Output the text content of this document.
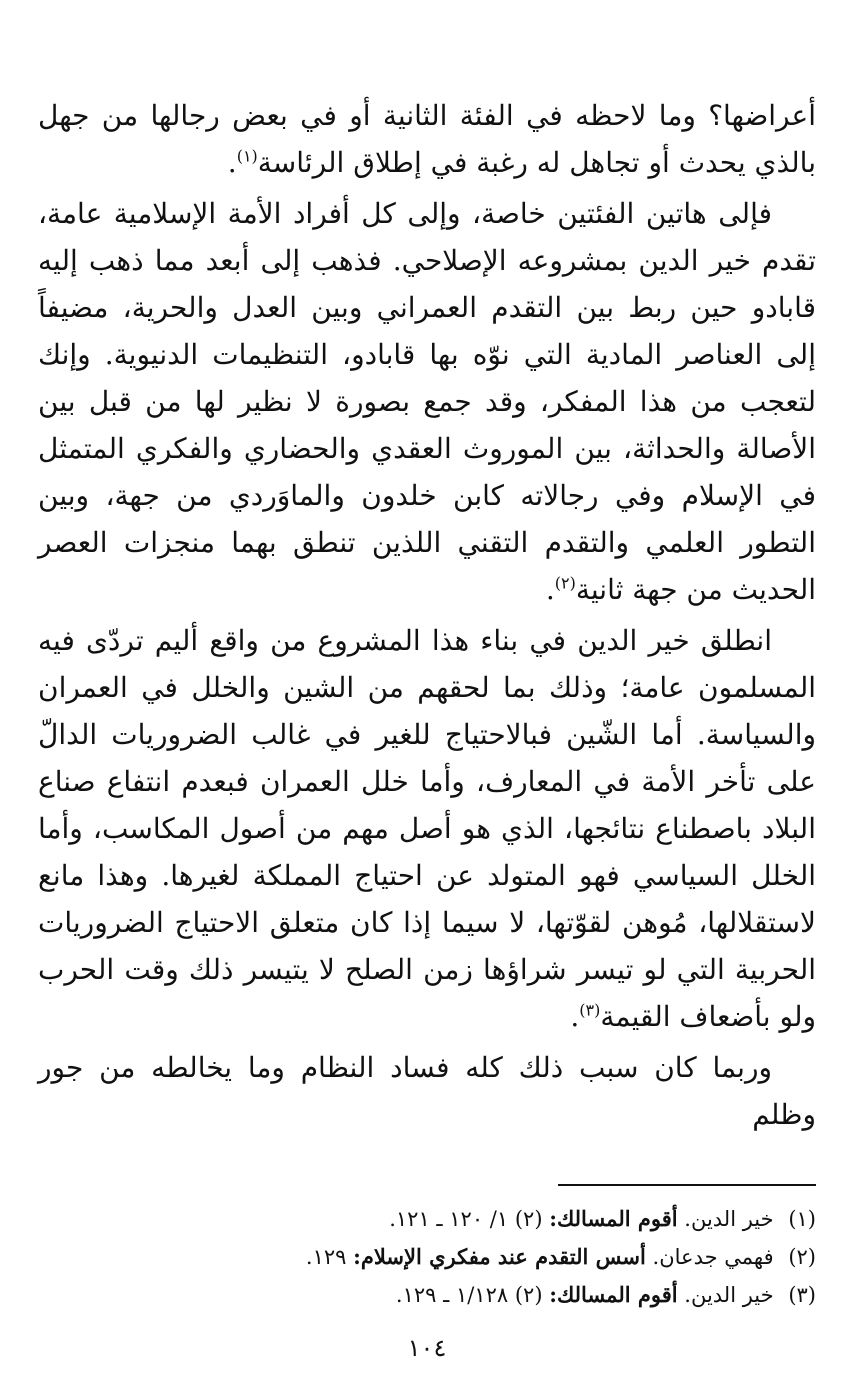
أعراضها؟ وما لاحظه في الفئة الثانية أو في بعض رجالها من جهل بالذي يحدث أو تجاهل له رغبة في إطلاق الرئاسة$^{(١)}$.

فإلى هاتين الفئتين خاصة، وإلى كل أفراد الأمة الإسلامية عامة، تقدم خير الدين بمشروعه الإصلاحي. فذهب إلى أبعد مما ذهب إليه قابادو حين ربط بين التقدم العمراني وبين العدل والحرية، مضيفاً إلى العناصر المادية التي نوّه بها قابادو، التنظيمات الدنيوية. وإنك لتعجب من هذا المفكر، وقد جمع بصورة لا نظير لها من قبل بين الأصالة والحداثة، بين الموروث العقدي والحضاري والفكري المتمثل في الإسلام وفي رجالاته كابن خلدون والماوَردي من جهة، وبين التطور العلمي والتقدم التقني اللذين تنطق بهما منجزات العصر الحديث من جهة ثانية$^{(٢)}$.

انطلق خير الدين في بناء هذا المشروع من واقع أليم تردّى فيه المسلمون عامة؛ وذلك بما لحقهم من الشين والخلل في العمران والسياسة. أما الشّين فبالاحتياج للغير في غالب الضروريات الدالّ على تأخر الأمة في المعارف، وأما خلل العمران فبعدم انتفاع صناع البلاد باصطناع نتائجها، الذي هو أصل مهم من أصول المكاسب، وأما الخلل السياسي فهو المتولد عن احتياج المملكة لغيرها. وهذا مانع لاستقلالها، مُوهن لقوّتها، لا سيما إذا كان متعلق الاحتياج الضروريات الحربية التي لو تيسر شراؤها زمن الصلح لا يتيسر ذلك وقت الحرب ولو بأضعاف القيمة$^{(٣)}$.

وربما كان سبب ذلك كله فساد النظام وما يخالطه من جور وظلم

(١) خير الدين. أقوم المسالك: (٢) ١/ ١٢٠ ـ ١٢١.
(٢) فهمي جدعان. أسس التقدم عند مفكري الإسلام: ١٢٩.
(٣) خير الدين. أقوم المسالك: (٢) ١/١٢٨ ـ ١٢٩.
١٠٤
